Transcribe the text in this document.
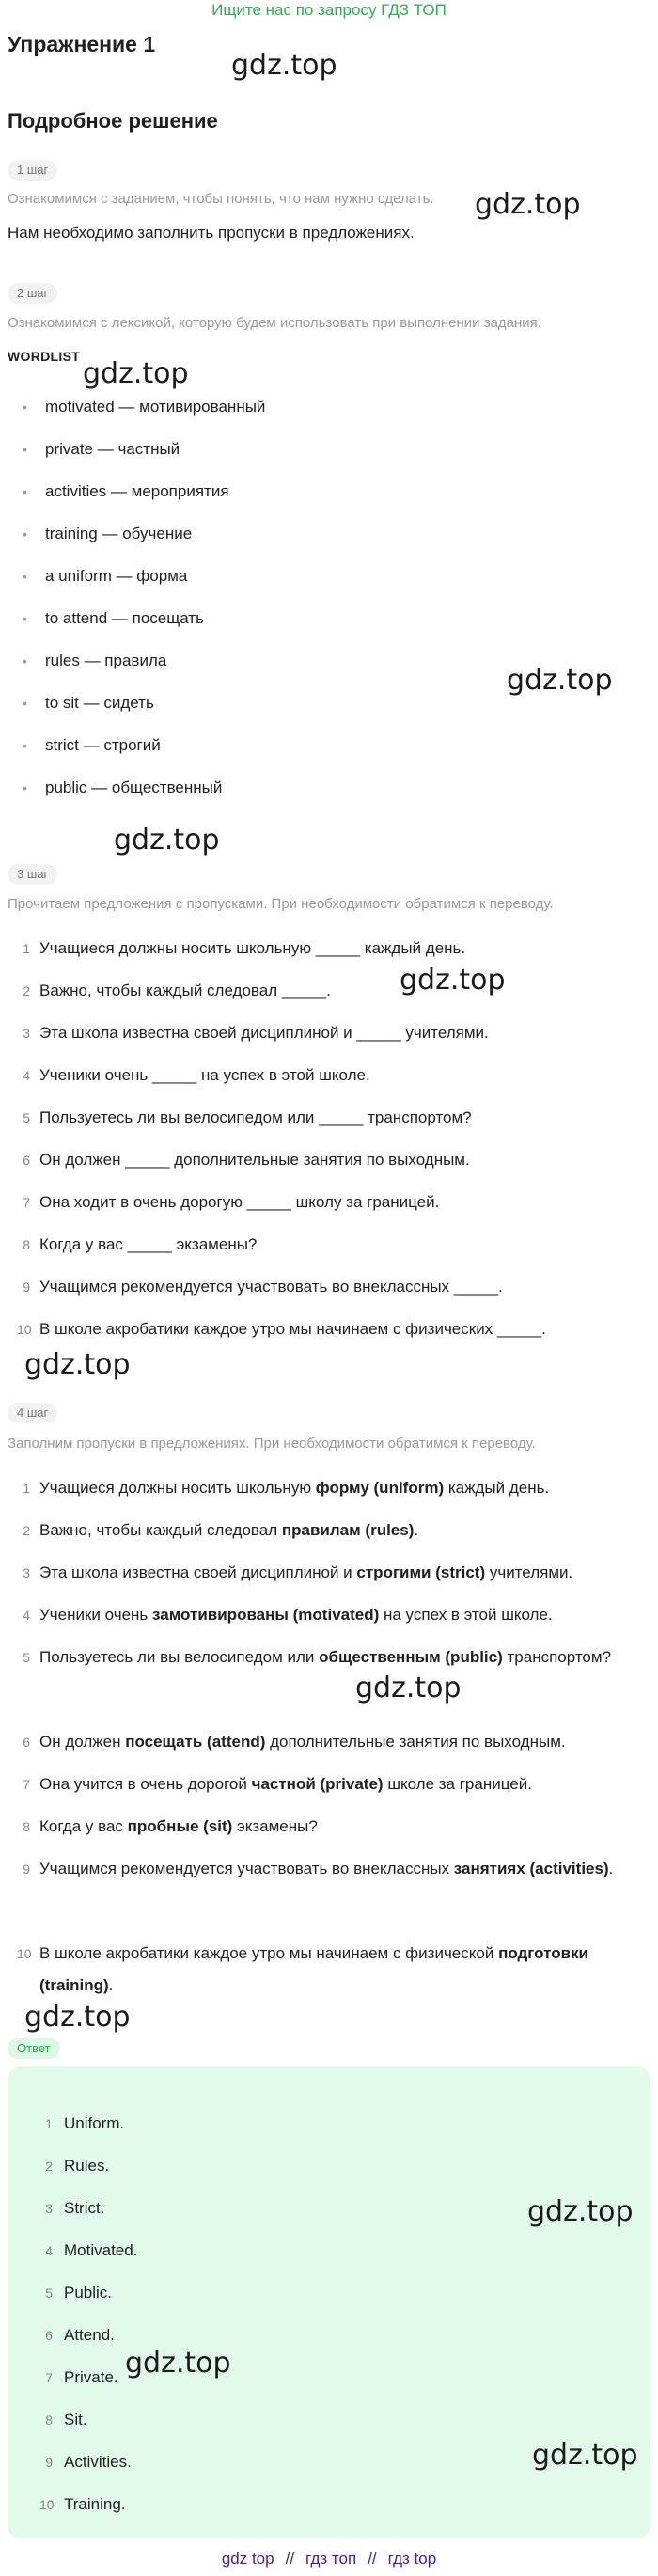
Ищите нас по запросу ГДЗ ТОП
Упражнение 1
gdz.top
Подробное решение
1 шаг
Ознакомимся с заданием, чтобы понять, что нам нужно сделать. gdz.top
Нам необходимо заполнить пропуски в предложениях.
2 шаг
Ознакомимся с лексикой, которую будем использовать при выполнении задания.
WORDLIST
gdz.top
• motivated — мотивированный
• private — частный
• activities — мероприятия
• training — обучение
• a uniform — форма
• to attend — посещать
• rules — правила
• to sit — сидеть
• strict — строгий
• public — общественный
gdz.top
gdz.top
3 шаг
Прочитаем предложения с пропусками. При необходимости обратимся к переводу.
1 Учащиеся должны носить школьную _____ каждый день.
2 Важно, чтобы каждый следовал _____.
3 Эта школа известна своей дисциплиной и _____ учителями.
4 Ученики очень _____ на успех в этой школе.
5 Пользуетесь ли вы велосипедом или _____ транспортом?
6 Он должен _____ дополнительные занятия по выходным.
7 Она ходит в очень дорогую _____ школу за границей.
8 Когда у вас _____ экзамены?
9 Учащимся рекомендуется участвовать во внеклассных _____.
10 В школе акробатики каждое утро мы начинаем с физических _____.
gdz.top
gdz.top
4 шаг
Заполним пропуски в предложениях. При необходимости обратимся к переводу.
1 Учащиеся должны носить школьную форму (uniform) каждый день.
2 Важно, чтобы каждый следовал правилам (rules).
3 Эта школа известна своей дисциплиной и строгими (strict) учителями.
4 Ученики очень замотивированы (motivated) на успех в этой школе.
5 Пользуетесь ли вы велосипедом или общественным (public) транспортом?
6 Он должен посещать (attend) дополнительные занятия по выходным.
7 Она учится в очень дорогой частной (private) школе за границей.
8 Когда у вас пробные (sit) экзамены?
9 Учащимся рекомендуется участвовать во внеклассных занятиях (activities).
10 В школе акробатики каждое утро мы начинаем с физической подготовки (training).
gdz.top
gdz.top
Ответ
1 Uniform.
2 Rules.
3 Strict.
4 Motivated.
5 Public.
6 Attend.
7 Private.
8 Sit.
9 Activities.
10 Training.
gdz.top
gdz.top
gdz.top
gdz top // гдз топ // гдз top
